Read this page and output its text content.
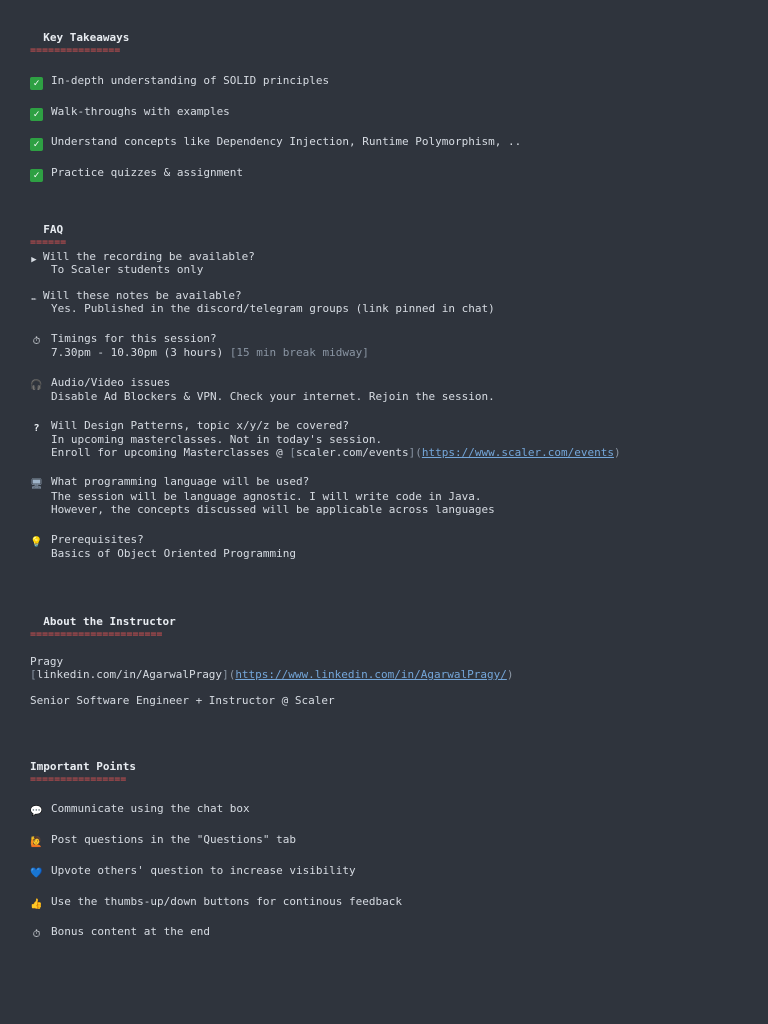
Key Takeaways
===============
✓ In-depth understanding of SOLID principles
✓ Walk-throughs with examples
✓ Understand concepts like Dependency Injection, Runtime Polymorphism, ..
✓ Practice quizzes & assignment
FAQ
======
▶ Will the recording be available?
To Scaler students only
✏ Will these notes be available?
Yes. Published in the discord/telegram groups (link pinned in chat)
⏱ Timings for this session?
7.30pm - 10.30pm (3 hours) [15 min break midway]
🎧 Audio/Video issues
Disable Ad Blockers & VPN. Check your internet. Rejoin the session.
? Will Design Patterns, topic x/y/z be covered?
In upcoming masterclasses. Not in today's session.
Enroll for upcoming Masterclasses @ [scaler.com/events](https://www.scaler.com/events)
🖥 What programming language will be used?
The session will be language agnostic. I will write code in Java.
However, the concepts discussed will be applicable across languages
💡 Prerequisites?
Basics of Object Oriented Programming
About the Instructor
======================
Pragy
[linkedin.com/in/AgarwalPragy](https://www.linkedin.com/in/AgarwalPragy/)
Senior Software Engineer + Instructor @ Scaler
Important Points
================
💬 Communicate using the chat box
🙋 Post questions in the "Questions" tab
💙 Upvote others' question to increase visibility
👍 Use the thumbs-up/down buttons for continous feedback
⏱ Bonus content at the end
